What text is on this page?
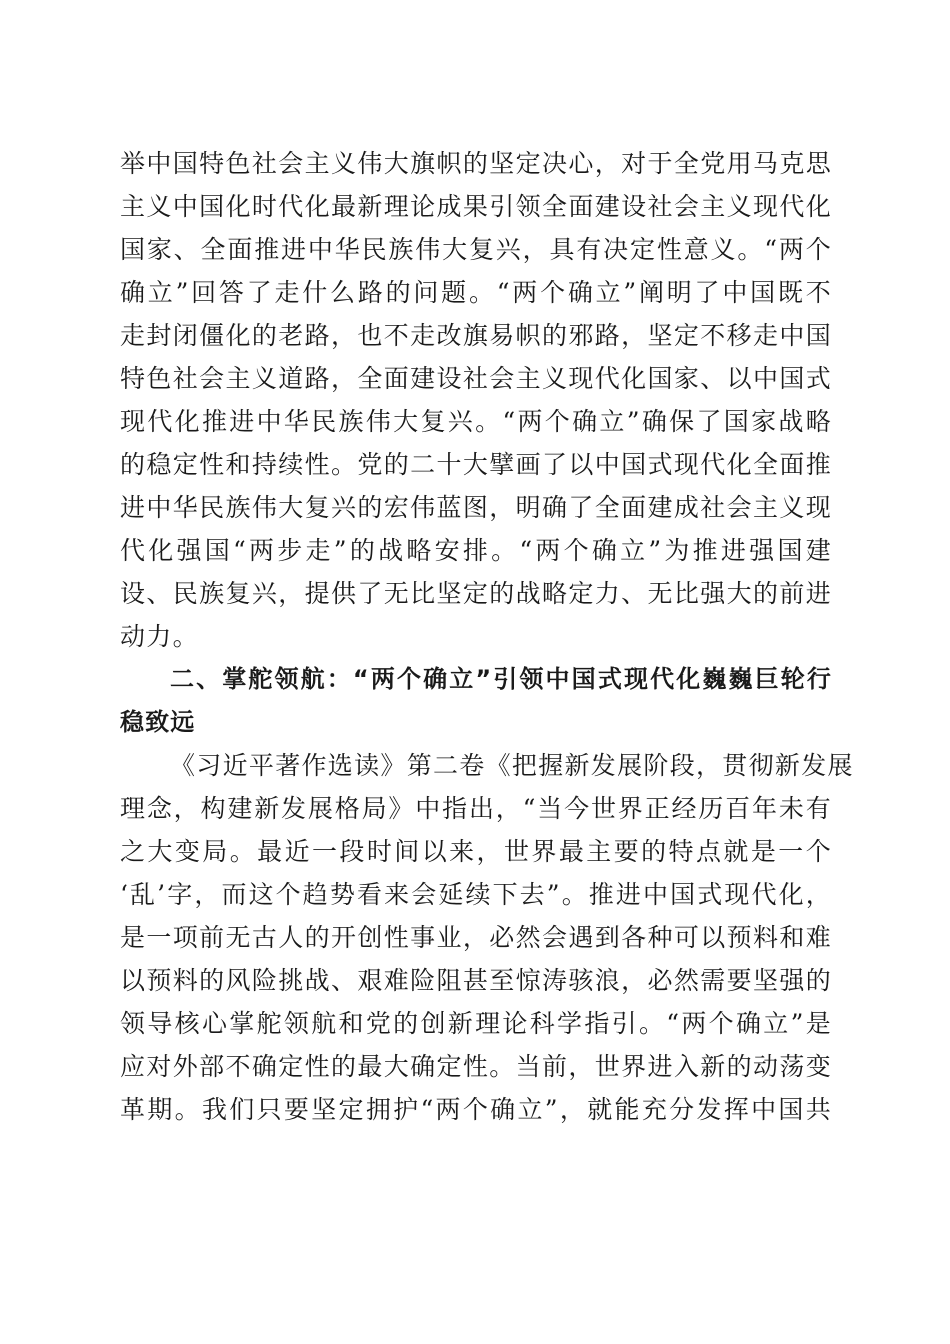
举中国特色社会主义伟大旗帜的坚定决心，对于全党用马克思
主义中国化时代化最新理论成果引领全面建设社会主义现代化
国家、全面推进中华民族伟大复兴，具有决定性意义。“两个
确立”回答了走什么路的问题。“两个确立”阐明了中国既不
走封闭僵化的老路，也不走改旗易帜的邪路，坚定不移走中国
特色社会主义道路，全面建设社会主义现代化国家、以中国式
现代化推进中华民族伟大复兴。“两个确立”确保了国家战略
的稳定性和持续性。党的二十大擘画了以中国式现代化全面推
进中华民族伟大复兴的宏伟蓝图，明确了全面建成社会主义现
代化强国“两步走”的战略安排。“两个确立”为推进强国建
设、民族复兴，提供了无比坚定的战略定力、无比强大的前进
动力。
二、掌舵领航：“两个确立”引领中国式现代化巍巍巨轮行
稳致远
《习近平著作选读》第二卷《把握新发展阶段，贯彻新发展
理念，构建新发展格局》中指出，“当今世界正经历百年未有
之大变局。最近一段时间以来，世界最主要的特点就是一个
‘乱’字，而这个趋势看来会延续下去”。推进中国式现代化，
是一项前无古人的开创性事业，必然会遇到各种可以预料和难
以预料的风险挑战、艰难险阻甚至惊涛骇浪，必然需要坚强的
领导核心掌舵领航和党的创新理论科学指引。“两个确立”是
应对外部不确定性的最大确定性。当前，世界进入新的动荡变
革期。我们只要坚定拥护“两个确立”，就能充分发挥中国共
